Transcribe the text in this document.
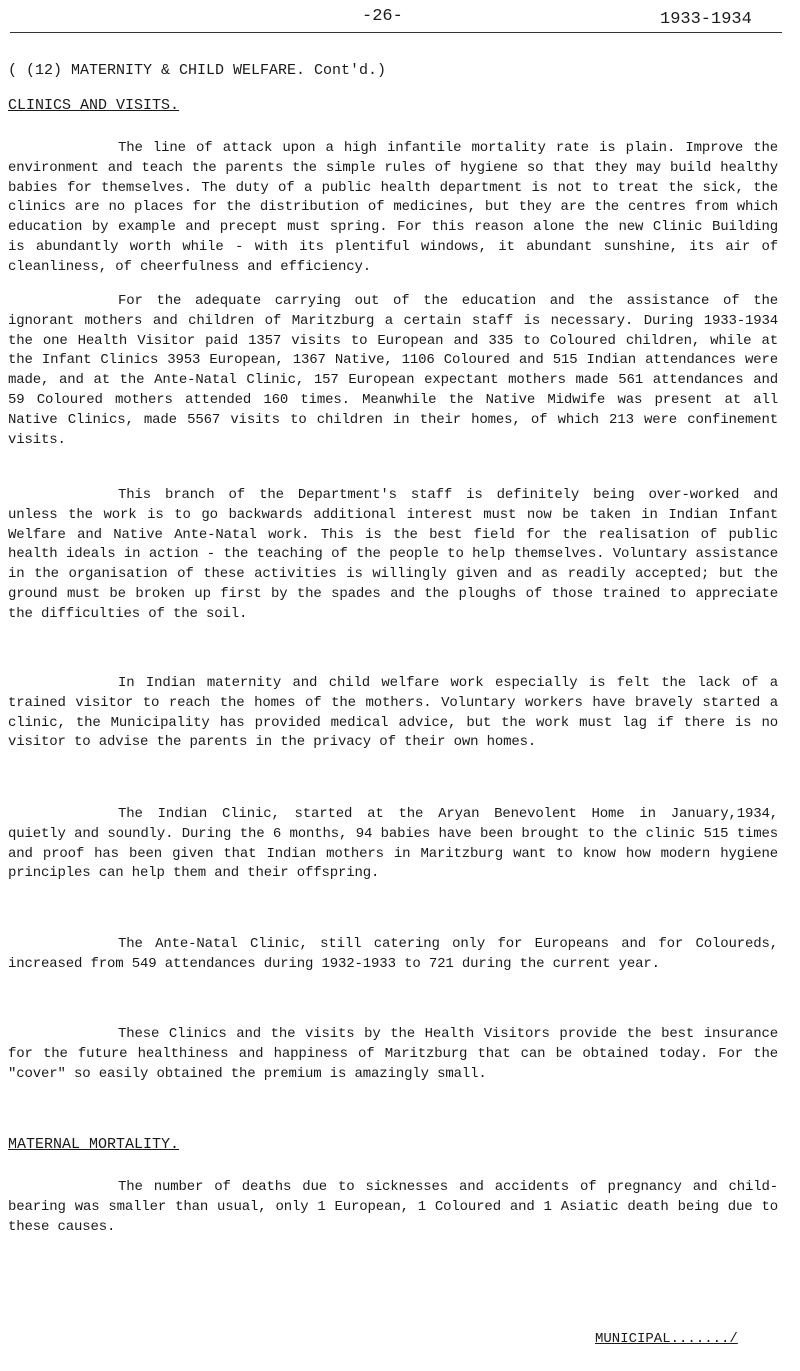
-26-	1933-1934
( (12) MATERNITY & CHILD WELFARE. Cont'd.)
CLINICS AND VISITS.

The line of attack upon a high infantile mortality rate is plain. Improve the environment and teach the parents the simple rules of hygiene so that they may build healthy babies for themselves. The duty of a public health department is not to treat the sick, the clinics are no places for the distribution of medicines, but they are the centres from which education by example and precept must spring. For this reason alone the new Clinic Building is abundantly worth while - with its plentiful windows, it abundant sunshine, its air of cleanliness, of cheerfulness and efficiency.

For the adequate carrying out of the education and the assistance of the ignorant mothers and children of Maritzburg a certain staff is necessary. During 1933-1934 the one Health Visitor paid 1357 visits to European and 335 to Coloured children, while at the Infant Clinics 3953 European, 1367 Native, 1106 Coloured and 515 Indian attendances were made, and at the Ante-Natal Clinic, 157 European expectant mothers made 561 attendances and 59 Coloured mothers attended 160 times. Meanwhile the Native Midwife was present at all Native Clinics, made 5567 visits to children in their homes, of which 213 were confinement visits.

This branch of the Department's staff is definitely being over-worked and unless the work is to go backwards additional interest must now be taken in Indian Infant Welfare and Native Ante-Natal work. This is the best field for the realisation of public health ideals in action - the teaching of the people to help themselves. Voluntary assistance in the organisation of these activities is willingly given and as readily accepted; but the ground must be broken up first by the spades and the ploughs of those trained to appreciate the difficulties of the soil.

In Indian maternity and child welfare work especially is felt the lack of a trained visitor to reach the homes of the mothers. Voluntary workers have bravely started a clinic, the Municipality has provided medical advice, but the work must lag if there is no visitor to advise the parents in the privacy of their own homes.

The Indian Clinic, started at the Aryan Benevolent Home in January,1934, quietly and soundly. During the 6 months, 94 babies have been brought to the clinic 515 times and proof has been given that Indian mothers in Maritzburg want to know how modern hygiene principles can help them and their offspring.

The Ante-Natal Clinic, still catering only for Europeans and for Coloureds, increased from 549 attendances during 1932-1933 to 721 during the current year.

These Clinics and the visits by the Health Visitors provide the best insurance for the future healthiness and happiness of Maritzburg that can be obtained today. For the "cover" so easily obtained the premium is amazingly small.

MATERNAL MORTALITY.

The number of deaths due to sicknesses and accidents of pregnancy and child-bearing was smaller than usual, only 1 European, 1 Coloured and 1 Asiatic death being due to these causes.

MUNICIPAL......./
